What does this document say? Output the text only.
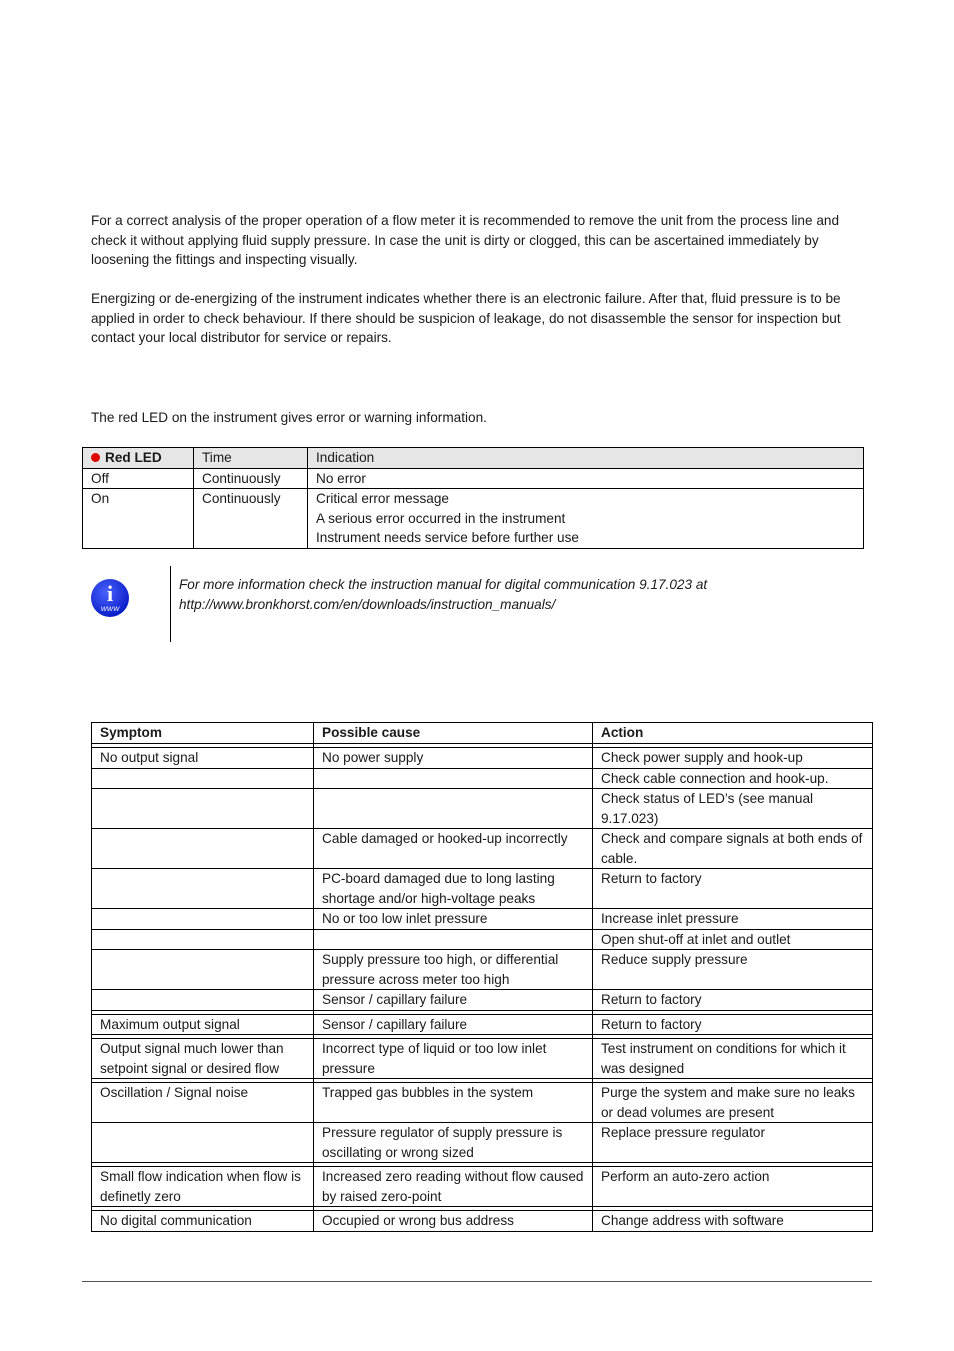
For a correct analysis of the proper operation of a flow meter it is recommended to remove the unit from the process line and check it without applying fluid supply pressure. In case the unit is dirty or clogged, this can be ascertained immediately by loosening the fittings and inspecting visually.

Energizing or de-energizing of the instrument indicates whether there is an electronic failure. After that, fluid pressure is to be applied in order to check behaviour. If there should be suspicion of leakage, do not disassemble the sensor for inspection but contact your local distributor for service or repairs.

The red LED on the instrument gives error or warning information.

Red LED	Time	Indication
Off	Continuously	No error
On	Continuously	Critical error message
A serious error occurred in the instrument
Instrument needs service before further use
i
WWW
For more information check the instruction manual for digital communication 9.17.023 at
http://www.bronkhorst.com/en/downloads/instruction_manuals/
Symptom	Possible cause	Action

No output signal	No power supply	Check power supply and hook-up
		Check cable connection and hook-up.
		Check status of LED’s (see manual 9.17.023)
	Cable damaged or hooked-up incorrectly	Check and compare signals at both ends of cable.
	PC-board damaged due to long lasting shortage and/or high-voltage peaks	Return to factory
	No or too low inlet pressure	Increase inlet pressure
		Open shut-off at inlet and outlet
	Supply pressure too high, or differential pressure across meter too high	Reduce supply pressure
	Sensor / capillary failure	Return to factory

Maximum output signal	Sensor / capillary failure	Return to factory

Output signal much lower than setpoint signal or desired flow	Incorrect type of liquid or too low inlet pressure	Test instrument on conditions for which it was designed

Oscillation / Signal noise	Trapped gas bubbles in the system	Purge the system and make sure no leaks or dead volumes are present
	Pressure regulator of supply pressure is oscillating or wrong sized	Replace pressure regulator

Small flow indication when flow is definetly zero	Increased zero reading without flow caused by raised zero-point	Perform an auto-zero action

No digital communication	Occupied or wrong bus address	Change address with software
